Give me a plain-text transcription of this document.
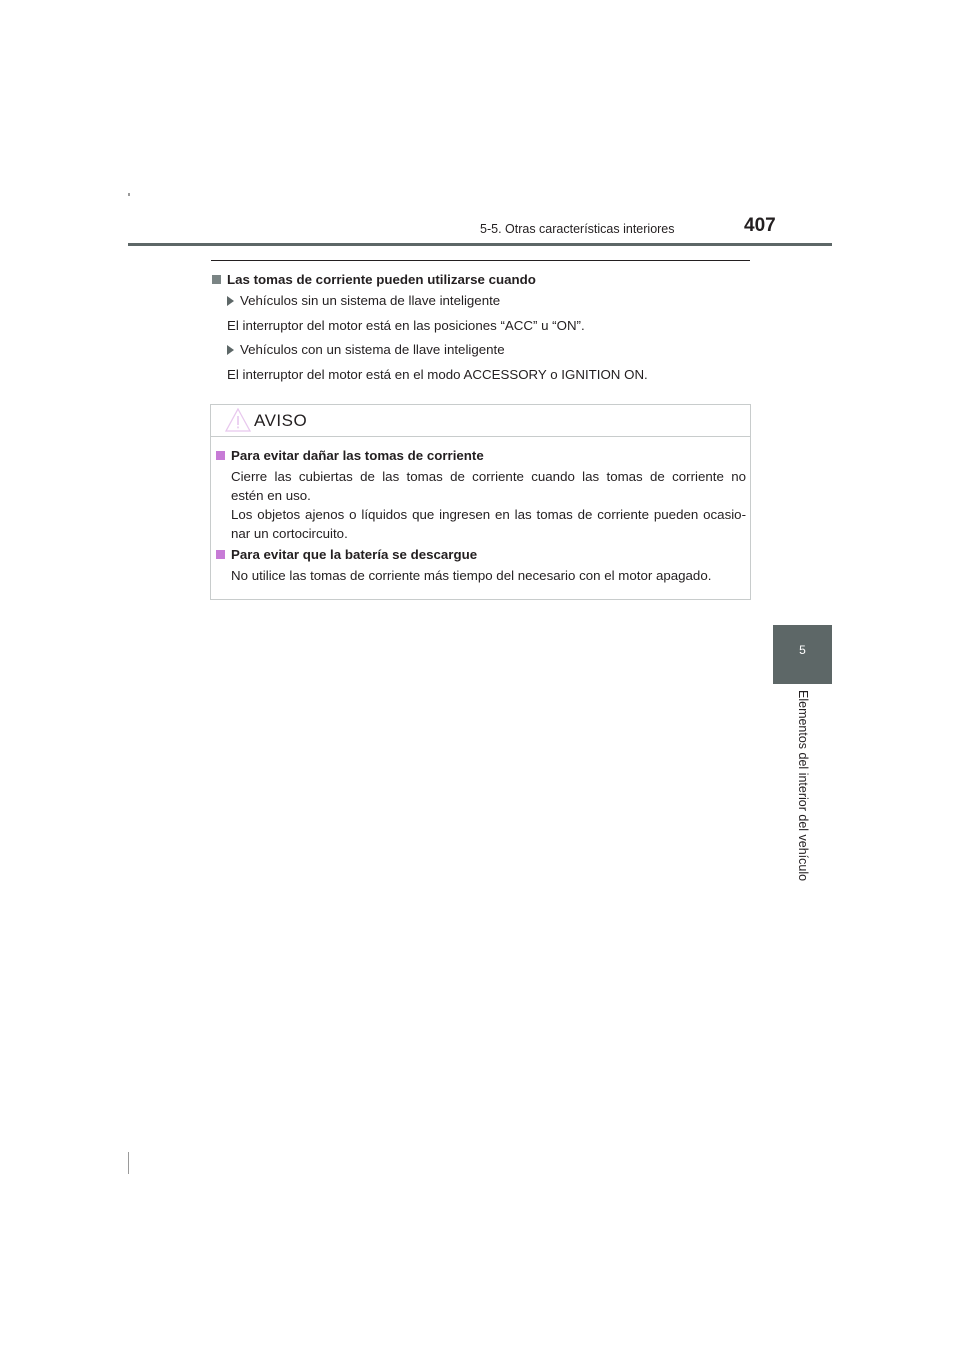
5-5. Otras características interiores	407
5
Elementos del interior del vehículo
Las tomas de corriente pueden utilizarse cuando
Vehículos sin un sistema de llave inteligente
El interruptor del motor está en las posiciones “ACC” u “ON”.
Vehículos con un sistema de llave inteligente
El interruptor del motor está en el modo ACCESSORY o IGNITION ON.
AVISO
Para evitar dañar las tomas de corriente
Cierre las cubiertas de las tomas de corriente cuando las tomas de corriente no
estén en uso.
Los objetos ajenos o líquidos que ingresen en las tomas de corriente pueden ocasio-
nar un cortocircuito.
Para evitar que la batería se descargue
No utilice las tomas de corriente más tiempo del necesario con el motor apagado.
